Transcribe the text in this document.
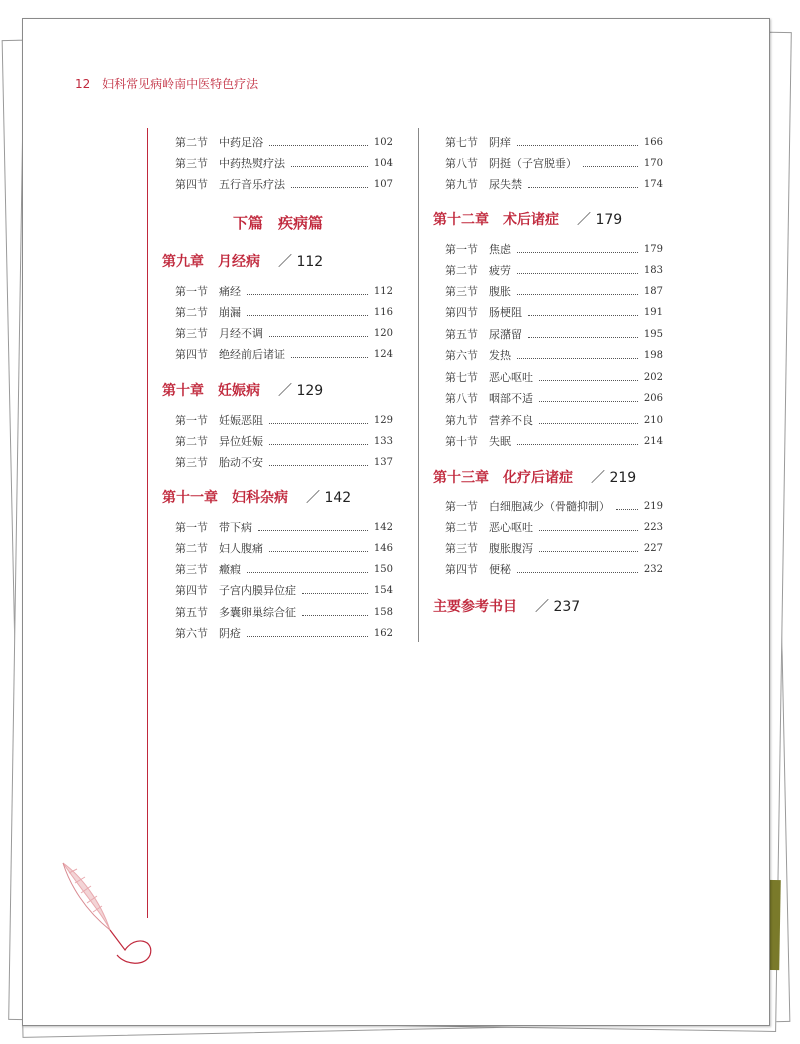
12 妇科常见病岭南中医特色疗法
第二节	中药足浴	102
第三节	中药热熨疗法	104
第四节	五行音乐疗法	107
下篇　疾病篇
第九章　月经病 ／ 112
第一节	痛经	112
第二节	崩漏	116
第三节	月经不调	120
第四节	绝经前后诸证	124
第十章　妊娠病 ／ 129
第一节	妊娠恶阻	129
第二节	异位妊娠	133
第三节	胎动不安	137
第十一章　妇科杂病 ／ 142
第一节	带下病	142
第二节	妇人腹痛	146
第三节	癥瘕	150
第四节	子宫内膜异位症	154
第五节	多囊卵巢综合征	158
第六节	阴疮	162
第七节	阴痒	166
第八节	阴挺（子宫脱垂）	170
第九节	尿失禁	174
第十二章　术后诸症 ／ 179
第一节	焦虑	179
第二节	疲劳	183
第三节	腹胀	187
第四节	肠梗阻	191
第五节	尿潴留	195
第六节	发热	198
第七节	恶心呕吐	202
第八节	咽部不适	206
第九节	营养不良	210
第十节	失眠	214
第十三章　化疗后诸症 ／ 219
第一节	白细胞减少（骨髓抑制）	219
第二节	恶心呕吐	223
第三节	腹胀腹泻	227
第四节	便秘	232
主要参考书目 ／ 237
